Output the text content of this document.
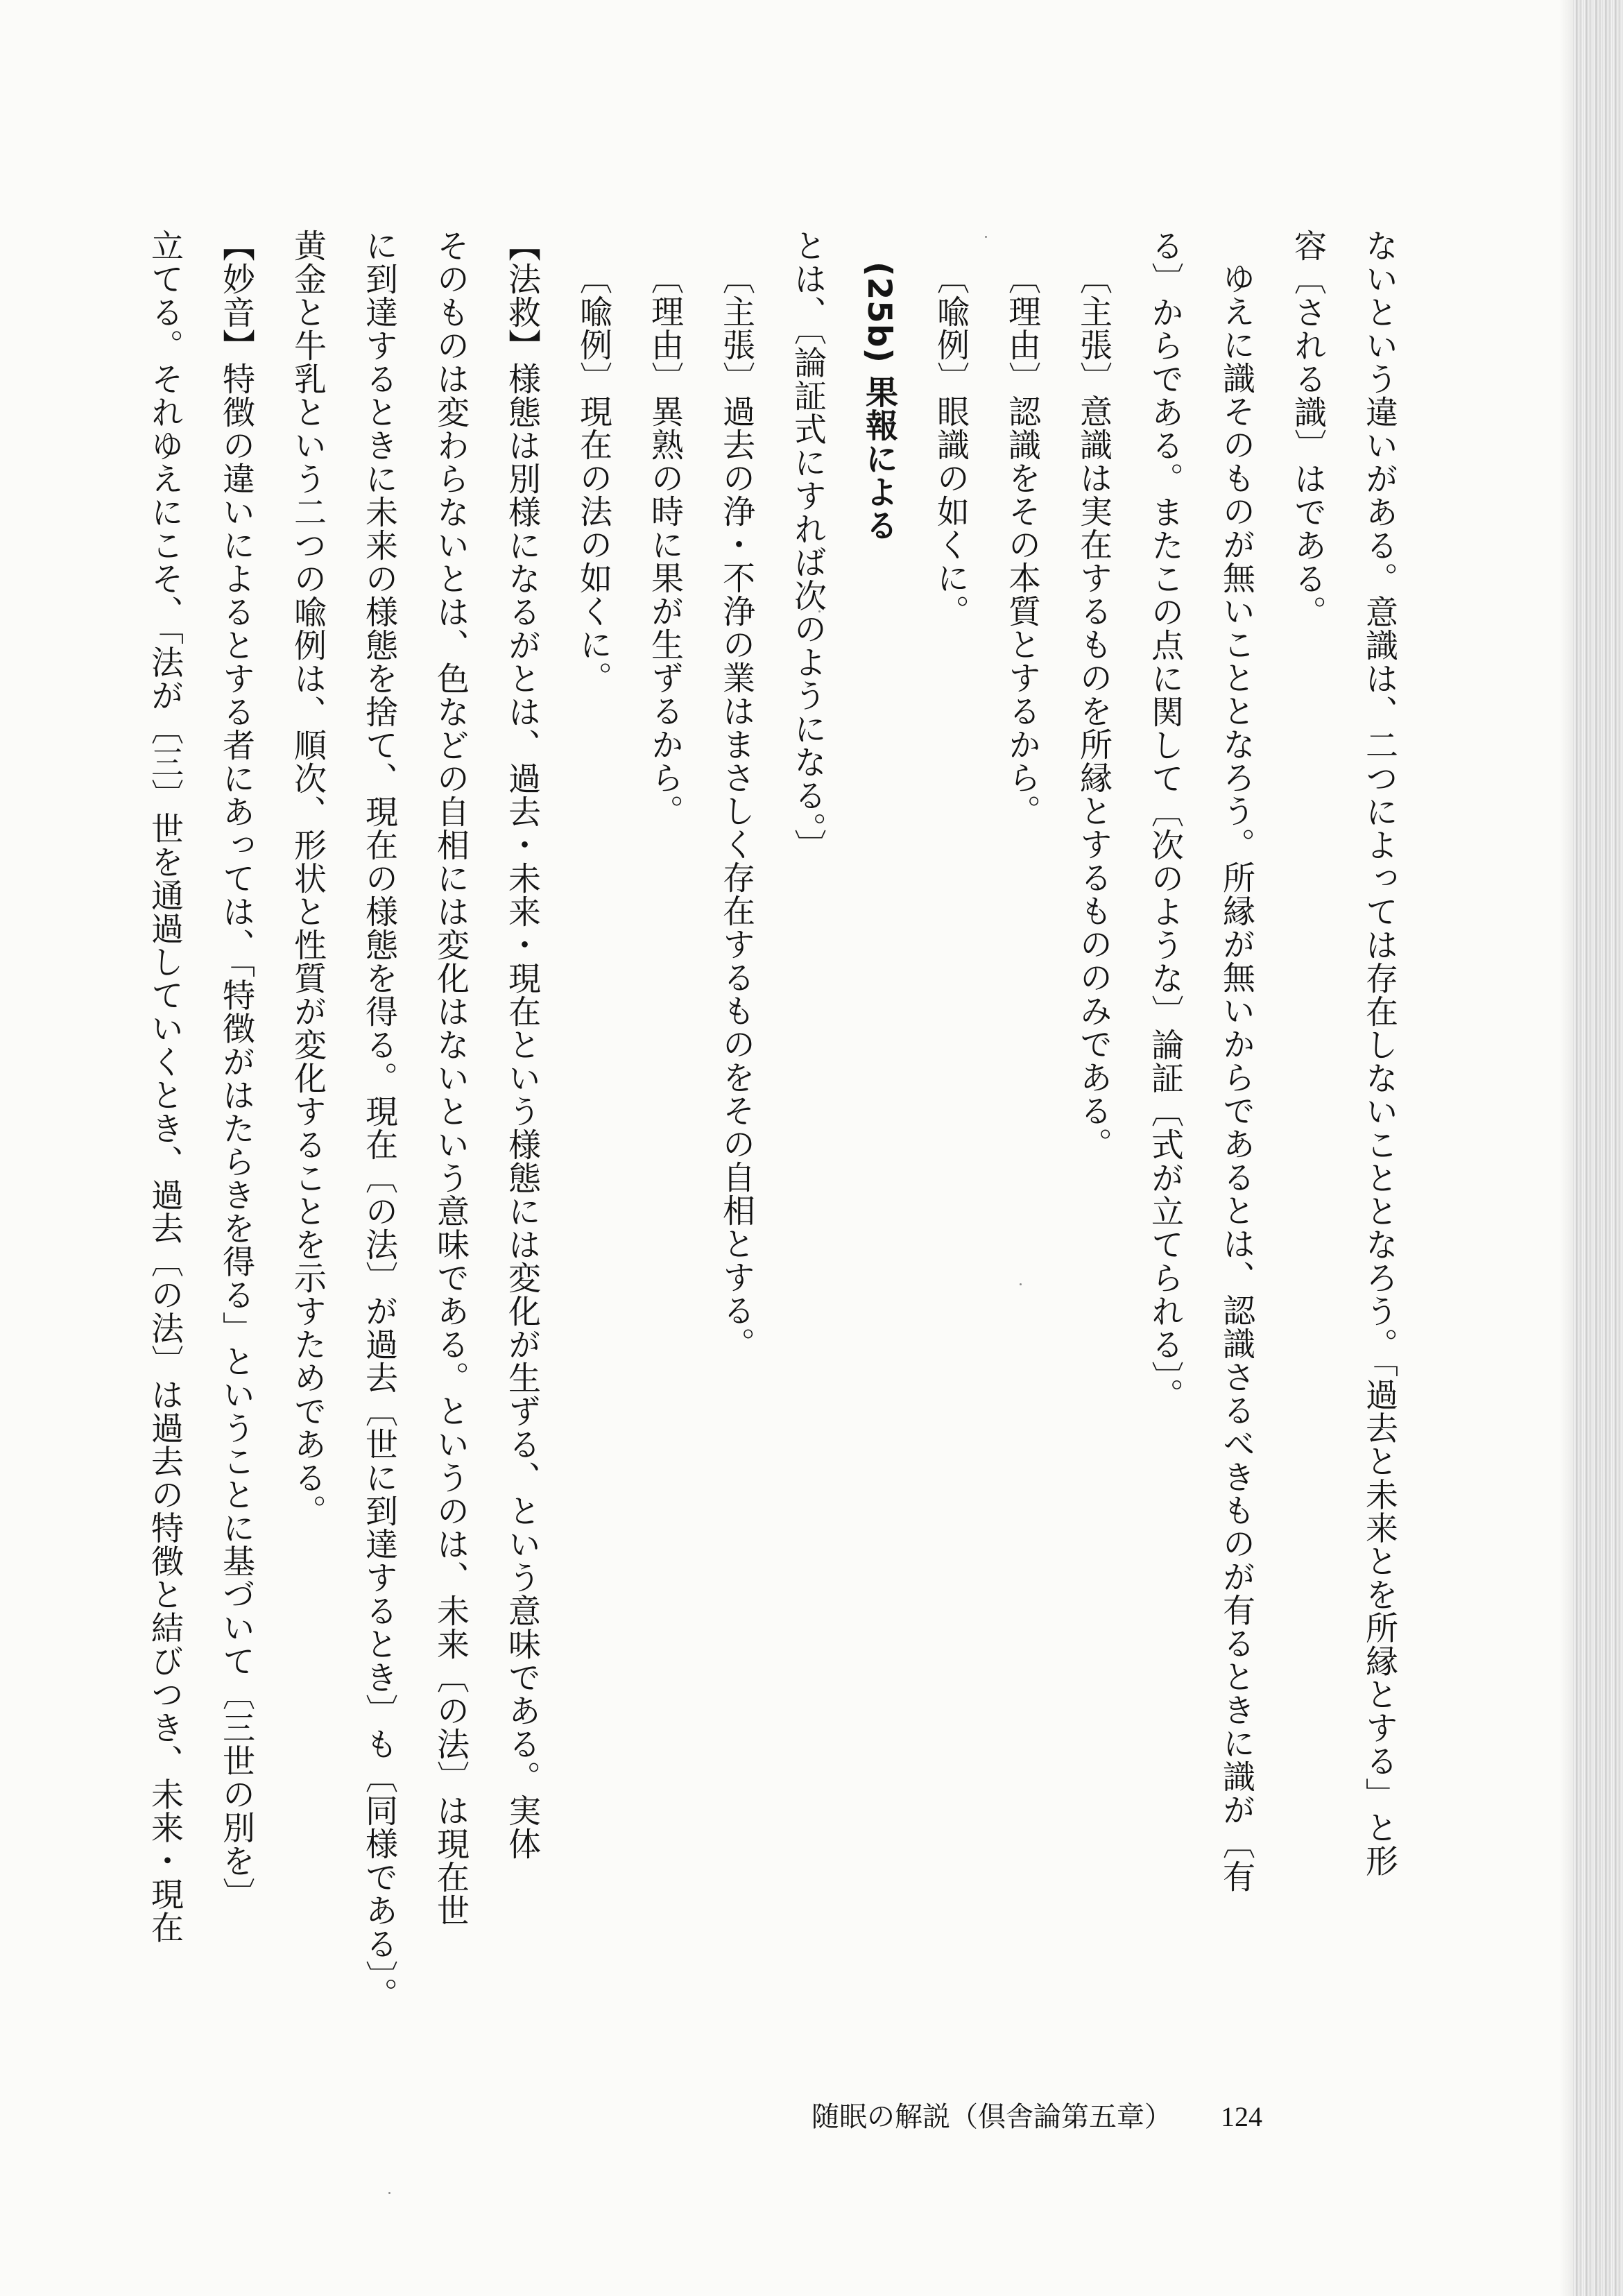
ないという違いがある。意識は、二つによっては存在しないこととなろう。「過去と未来とを所縁とする」と形
容〔される識〕はである。
ゆえに識そのものが無いこととなろう。所縁が無いからであるとは、認識さるべきものが有るときに識が〔有
る〕からである。またこの点に関して〔次のような〕論証〔式が立てられる〕。
〔主張〕意識は実在するものを所縁とするもののみである。
〔理由〕認識をその本質とするから。
〔喩例〕眼識の如くに。
(25b) 果報による
とは、〔論証式にすれば次のようになる。〕
〔主張〕過去の浄・不浄の業はまさしく存在するものをその自相とする。
〔理由〕異熟の時に果が生ずるから。
〔喩例〕現在の法の如くに。
【法救】様態は別様になるがとは、過去・未来・現在という様態には変化が生ずる、という意味である。実体
そのものは変わらないとは、色などの自相には変化はないという意味である。というのは、未来〔の法〕は現在世
に到達するときに未来の様態を捨て、現在の様態を得る。現在〔の法〕が過去〔世に到達するとき〕も〔同様である〕。
黄金と牛乳という二つの喩例は、順次、形状と性質が変化することを示すためである。
【妙音】特徴の違いによるとする者にあっては、「特徴がはたらきを得る」ということに基づいて〔三世の別を〕
立てる。それゆえにこそ、「法が〔三〕世を通過していくとき、過去〔の法〕は過去の特徴と結びつき、未来・現在
随眠の解説（倶舎論第五章） 124
